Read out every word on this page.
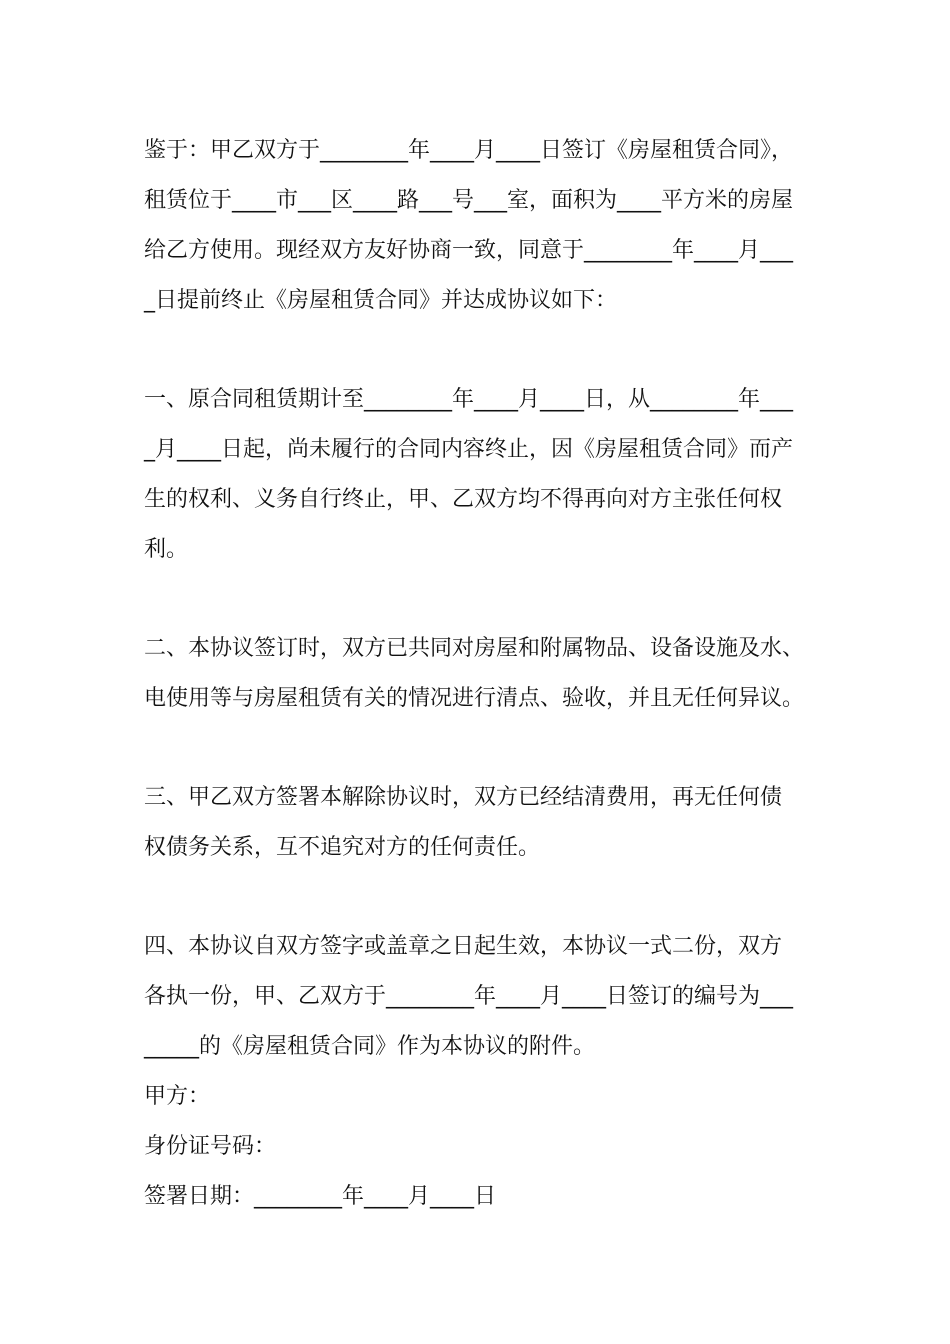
鉴于：甲乙双方于________年____月____日签订《房屋租赁合同》，
租赁位于____市___区____路___号___室，面积为____平方米的房屋
给乙方使用。现经双方友好协商一致，同意于________年____月___
_日提前终止《房屋租赁合同》并达成协议如下：
一、原合同租赁期计至________年____月____日，从________年___
_月____日起，尚未履行的合同内容终止，因《房屋租赁合同》而产
生的权利、义务自行终止，甲、乙双方均不得再向对方主张任何权
利。
二、本协议签订时，双方已共同对房屋和附属物品、设备设施及水、
电使用等与房屋租赁有关的情况进行清点、验收，并且无任何异议。
三、甲乙双方签署本解除协议时，双方已经结清费用，再无任何债
权债务关系，互不追究对方的任何责任。
四、本协议自双方签字或盖章之日起生效，本协议一式二份，双方
各执一份，甲、乙双方于________年____月____日签订的编号为___
_____的《房屋租赁合同》作为本协议的附件。
甲方：
身份证号码：
签署日期：________年____月____日
